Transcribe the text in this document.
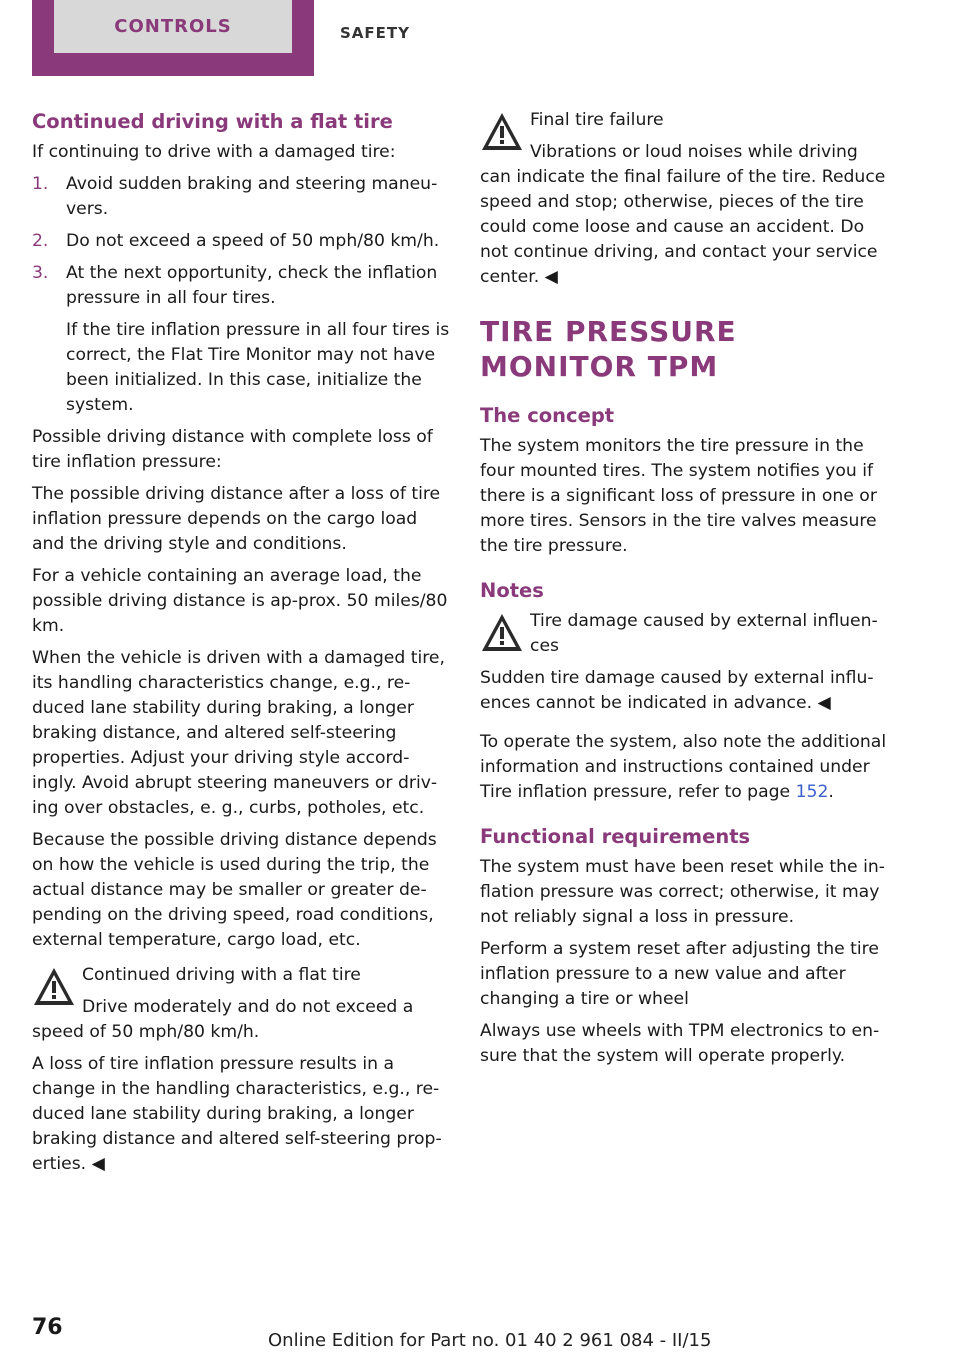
CONTROLS	SAFETY
Continued driving with a flat tire

If continuing to drive with a damaged tire:

1.	Avoid sudden braking and steering maneu‐vers.

2.	Do not exceed a speed of 50 mph/80 km/h.

3.	At the next opportunity, check the inflation pressure in all four tires.

If the tire inflation pressure in all four tires is correct, the Flat Tire Monitor may not have been initialized. In this case, initialize the system.

Possible driving distance with complete loss of tire inflation pressure:

The possible driving distance after a loss of tire inflation pressure depends on the cargo load and the driving style and conditions.

For a vehicle containing an average load, the possible driving distance is ap‐prox. 50 miles/80 km.

When the vehicle is driven with a damaged tire, its handling characteristics change, e.g., re‐duced lane stability during braking, a longer braking distance, and altered self-steering properties. Adjust your driving style accord‐ingly. Avoid abrupt steering maneuvers or driv‐ing over obstacles, e. g., curbs, potholes, etc.

Because the possible driving distance depends on how the vehicle is used during the trip, the actual distance may be smaller or greater de‐pending on the driving speed, road conditions, external temperature, cargo load, etc.

Continued driving with a flat tire
Drive moderately and do not exceed a

speed of 50 mph/80 km/h.

A loss of tire inflation pressure results in a change in the handling characteristics, e.g., re‐duced lane stability during braking, a longer braking distance and altered self-steering prop‐erties. ◀

Final tire failure
Vibrations or loud noises while driving

can indicate the final failure of the tire. Reduce speed and stop; otherwise, pieces of the tire could come loose and cause an accident. Do not continue driving, and contact your service center. ◀

TIRE PRESSURE MONITOR TPM
The concept

The system monitors the tire pressure in the four mounted tires. The system notifies you if there is a significant loss of pressure in one or more tires. Sensors in the tire valves measure the tire pressure.

Notes
Tire damage caused by external influen‐ces

Sudden tire damage caused by external influ‐ences cannot be indicated in advance. ◀

To operate the system, also note the additional information and instructions contained under Tire inflation pressure, refer to page 152.

Functional requirements

The system must have been reset while the in‐flation pressure was correct; otherwise, it may not reliably signal a loss in pressure.

Perform a system reset after adjusting the tire inflation pressure to a new value and after changing a tire or wheel

Always use wheels with TPM electronics to en‐sure that the system will operate properly.

76
Online Edition for Part no. 01 40 2 961 084 - II/15
